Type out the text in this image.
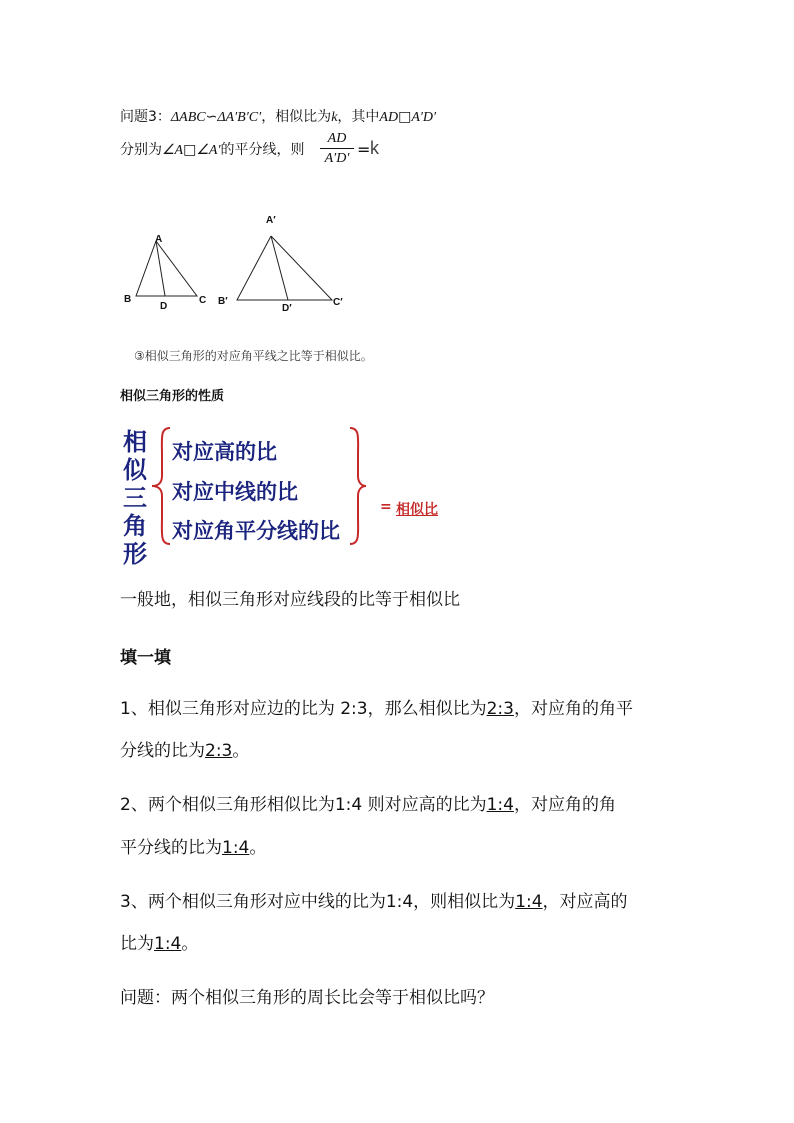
问题3：ΔABC∽ΔA′B′C′，相似比为k，其中AD□A′D′
分别为∠A□∠A′的平分线，则
AD
A′D′ = k
A
B	C
D
A′
B′	C′
D′
③相似三角形的对应角平线之比等于相似比。
相似三角形的性质
相
似
三
角
形
对应高的比
对应中线的比
对应角平分线的比
= 相似比
一般地，相似三角形对应线段的比等于相似比
填一填
1、相似三角形对应边的比为 2:3，那么相似比为2:3，对应角的角平
分线的比为2:3。
2、两个相似三角形相似比为1:4 则对应高的比为1:4，对应角的角
平分线的比为1:4。
3、两个相似三角形对应中线的比为1:4，则相似比为1:4，对应高的
比为1:4。
问题：两个相似三角形的周长比会等于相似比吗？
